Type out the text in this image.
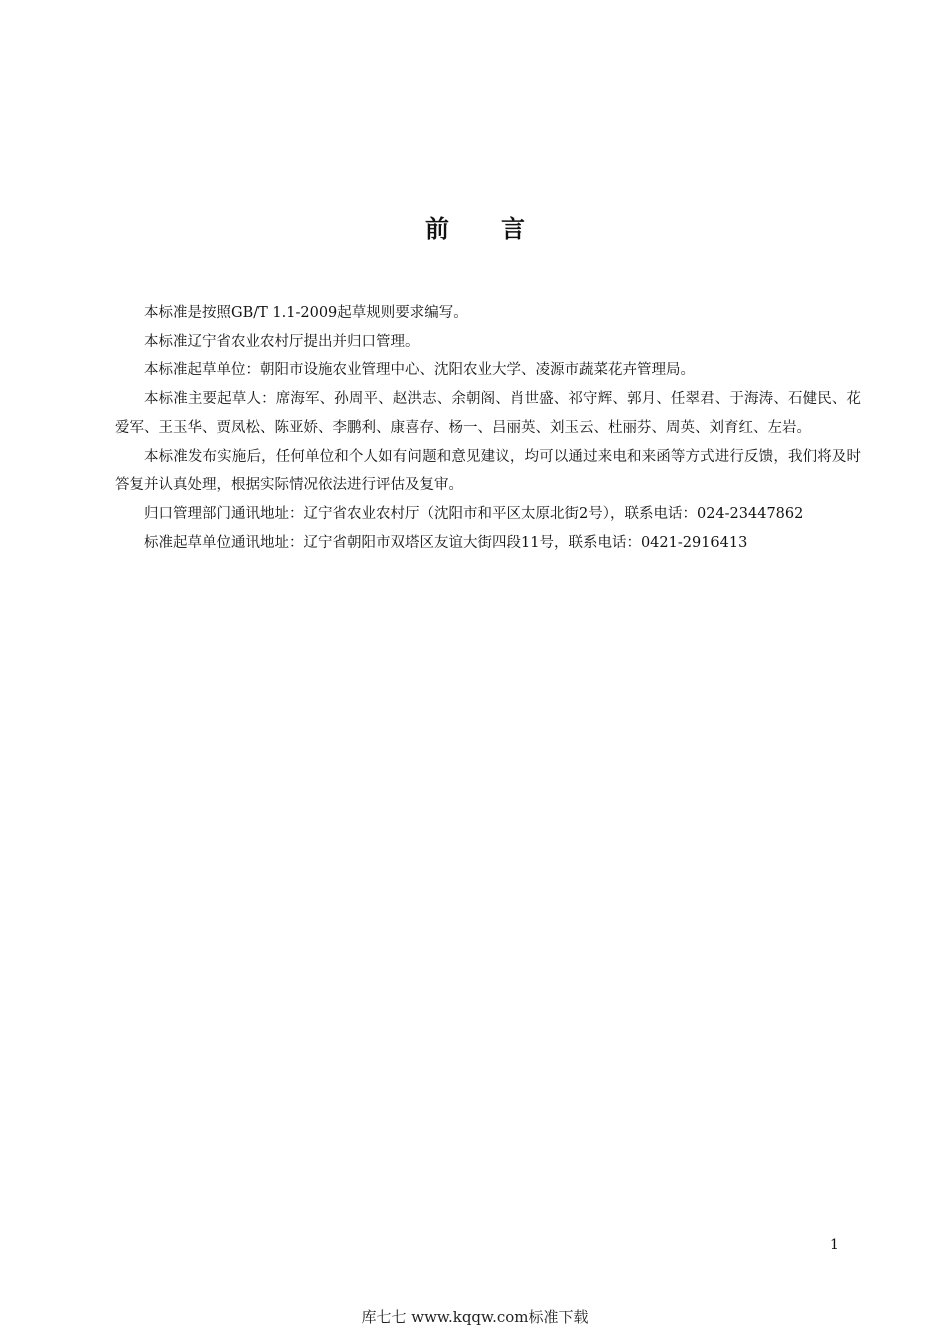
前言

本标准是按照GB/T 1.1-2009起草规则要求编写。

本标准辽宁省农业农村厅提出并归口管理。

本标准起草单位：朝阳市设施农业管理中心、沈阳农业大学、凌源市蔬菜花卉管理局。

本标准主要起草人：席海军、孙周平、赵洪志、余朝阁、肖世盛、祁守辉、郭月、任翠君、于海涛、石健民、花爱军、王玉华、贾凤松、陈亚娇、李鹏利、康喜存、杨一、吕丽英、刘玉云、杜丽芬、周英、刘育红、左岩。

本标准发布实施后，任何单位和个人如有问题和意见建议，均可以通过来电和来函等方式进行反馈，我们将及时答复并认真处理，根据实际情况依法进行评估及复审。

归口管理部门通讯地址：辽宁省农业农村厅（沈阳市和平区太原北街2号），联系电话：024-23447862

标准起草单位通讯地址：辽宁省朝阳市双塔区友谊大街四段11号，联系电话：0421-2916413

1
库七七 www.kqqw.com标准下载
